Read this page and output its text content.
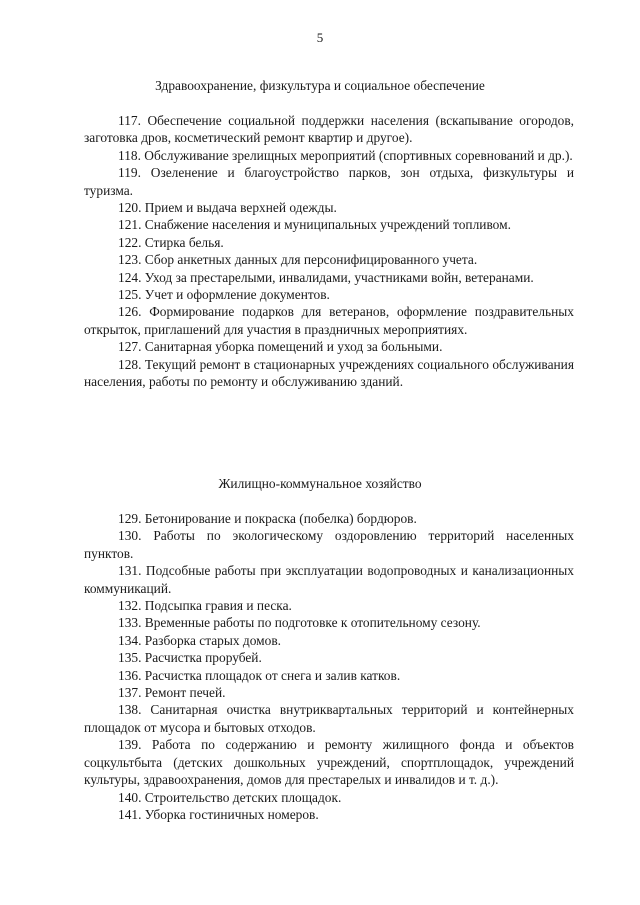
5
Здравоохранение, физкультура и социальное обеспечение

117. Обеспечение социальной поддержки населения (вскапывание огородов, заготовка дров, косметический ремонт квартир и другое).

118. Обслуживание зрелищных мероприятий (спортивных соревнований и др.).

119. Озеленение и благоустройство парков, зон отдыха, физкультуры и туризма.

120. Прием и выдача верхней одежды.

121. Снабжение населения и муниципальных учреждений топливом.

122. Стирка белья.

123. Сбор анкетных данных для персонифицированного учета.

124. Уход за престарелыми, инвалидами, участниками войн, ветеранами.

125. Учет и оформление документов.

126. Формирование подарков для ветеранов, оформление поздравительных открыток, приглашений для участия в праздничных мероприятиях.

127. Санитарная уборка помещений и уход за больными.

128. Текущий ремонт в стационарных учреждениях социального обслуживания населения, работы по ремонту и обслуживанию зданий.

Жилищно-коммунальное хозяйство

129. Бетонирование и покраска (побелка) бордюров.

130. Работы по экологическому оздоровлению территорий населенных пунктов.

131. Подсобные работы при эксплуатации водопроводных и канализационных коммуникаций.

132. Подсыпка гравия и песка.

133. Временные работы по подготовке к отопительному сезону.

134. Разборка старых домов.

135. Расчистка прорубей.

136. Расчистка площадок от снега и залив катков.

137. Ремонт печей.

138. Санитарная очистка внутриквартальных территорий и контейнерных площадок от мусора и бытовых отходов.

139. Работа по содержанию и ремонту жилищного фонда и объектов соцкультбыта (детских дошкольных учреждений, спортплощадок, учреждений культуры, здравоохранения, домов для престарелых и инвалидов и т. д.).

140. Строительство детских площадок.

141. Уборка гостиничных номеров.
